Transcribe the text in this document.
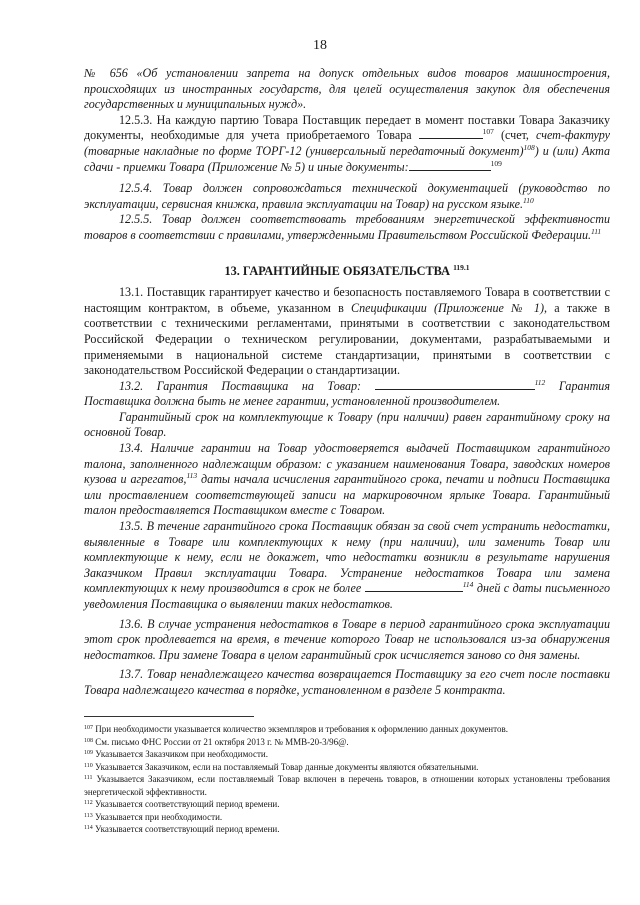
18

№ 656 «Об установлении запрета на допуск отдельных видов товаров машиностроения, происходящих из иностранных государств, для целей осуществления закупок для обеспечения государственных и муниципальных нужд».

12.5.3. На каждую партию Товара Поставщик передает в момент поставки Товара Заказчику документы, необходимые для учета приобретаемого Товара	$^{107}$ (счет, счет-фактуру (товарные накладные по форме ТОРГ-12 (универсальный передаточный документ)$^{108}$) и (или) Акта сдачи - приемки Товара (Приложение № 5) и иные документы:	$^{109}$

12.5.4. Товар должен сопровождаться технической документацией (руководство по эксплуатации, сервисная книжка, правила эксплуатации на Товар) на русском языке.$^{110}$

12.5.5. Товар должен соответствовать требованиям энергетической эффективности товаров в соответствии с правилами, утвержденными Правительством Российской Федерации.$^{111}$

13. ГАРАНТИЙНЫЕ ОБЯЗАТЕЛЬСТВА $^{119.1}$

13.1. Поставщик гарантирует качество и безопасность поставляемого Товара в соответствии с настоящим контрактом, в объеме, указанном в Спецификации (Приложение № 1), а также в соответствии с техническими регламентами, принятыми в соответствии с законодательством Российской Федерации о техническом регулировании, документами, разрабатываемыми и применяемыми в национальной системе стандартизации, принятыми в соответствии с законодательством Российской Федерации о стандартизации.

13.2. Гарантия Поставщика на Товар:	$^{112}$ Гарантия Поставщика должна быть не менее гарантии, установленной производителем.

Гарантийный срок на комплектующие к Товару (при наличии) равен гарантийному сроку на основной Товар.

13.4. Наличие гарантии на Товар удостоверяется выдачей Поставщиком гарантийного талона, заполненного надлежащим образом: с указанием наименования Товара, заводских номеров кузова и агрегатов,$^{113}$ даты начала исчисления гарантийного срока, печати и подписи Поставщика или проставлением соответствующей записи на маркировочном ярлыке Товара. Гарантийный талон предоставляется Поставщиком вместе с Товаром.

13.5. В течение гарантийного срока Поставщик обязан за свой счет устранить недостатки, выявленные в Товаре или комплектующих к нему (при наличии), или заменить Товар или комплектующие к нему, если не докажет, что недостатки возникли в результате нарушения Заказчиком Правил эксплуатации Товара. Устранение недостатков Товара или замена комплектующих к нему производится в срок не более	$^{114}$ дней с даты письменного уведомления Поставщика о выявлении таких недостатков.

13.6. В случае устранения недостатков в Товаре в период гарантийного срока эксплуатации этот срок продлевается на время, в течение которого Товар не использовался из-за обнаружения недостатков. При замене Товара в целом гарантийный срок исчисляется заново со дня замены.

13.7. Товар ненадлежащего качества возвращается Поставщику за его счет после поставки Товара надлежащего качества в порядке, установленном в разделе 5 контракта.

$^{107}$ При необходимости указывается количество экземпляров и требования к оформлению данных документов.

$^{108}$ См. письмо ФНС России от 21 октября 2013 г. № ММВ-20-3/96@.

$^{109}$ Указывается Заказчиком при необходимости.

$^{110}$ Указывается Заказчиком, если на поставляемый Товар данные документы являются обязательными.

$^{111}$ Указывается Заказчиком, если поставляемый Товар включен в перечень товаров, в отношении которых установлены требования энергетической эффективности.

$^{112}$ Указывается соответствующий период времени.

$^{113}$ Указывается при необходимости.

$^{114}$ Указывается соответствующий период времени.
